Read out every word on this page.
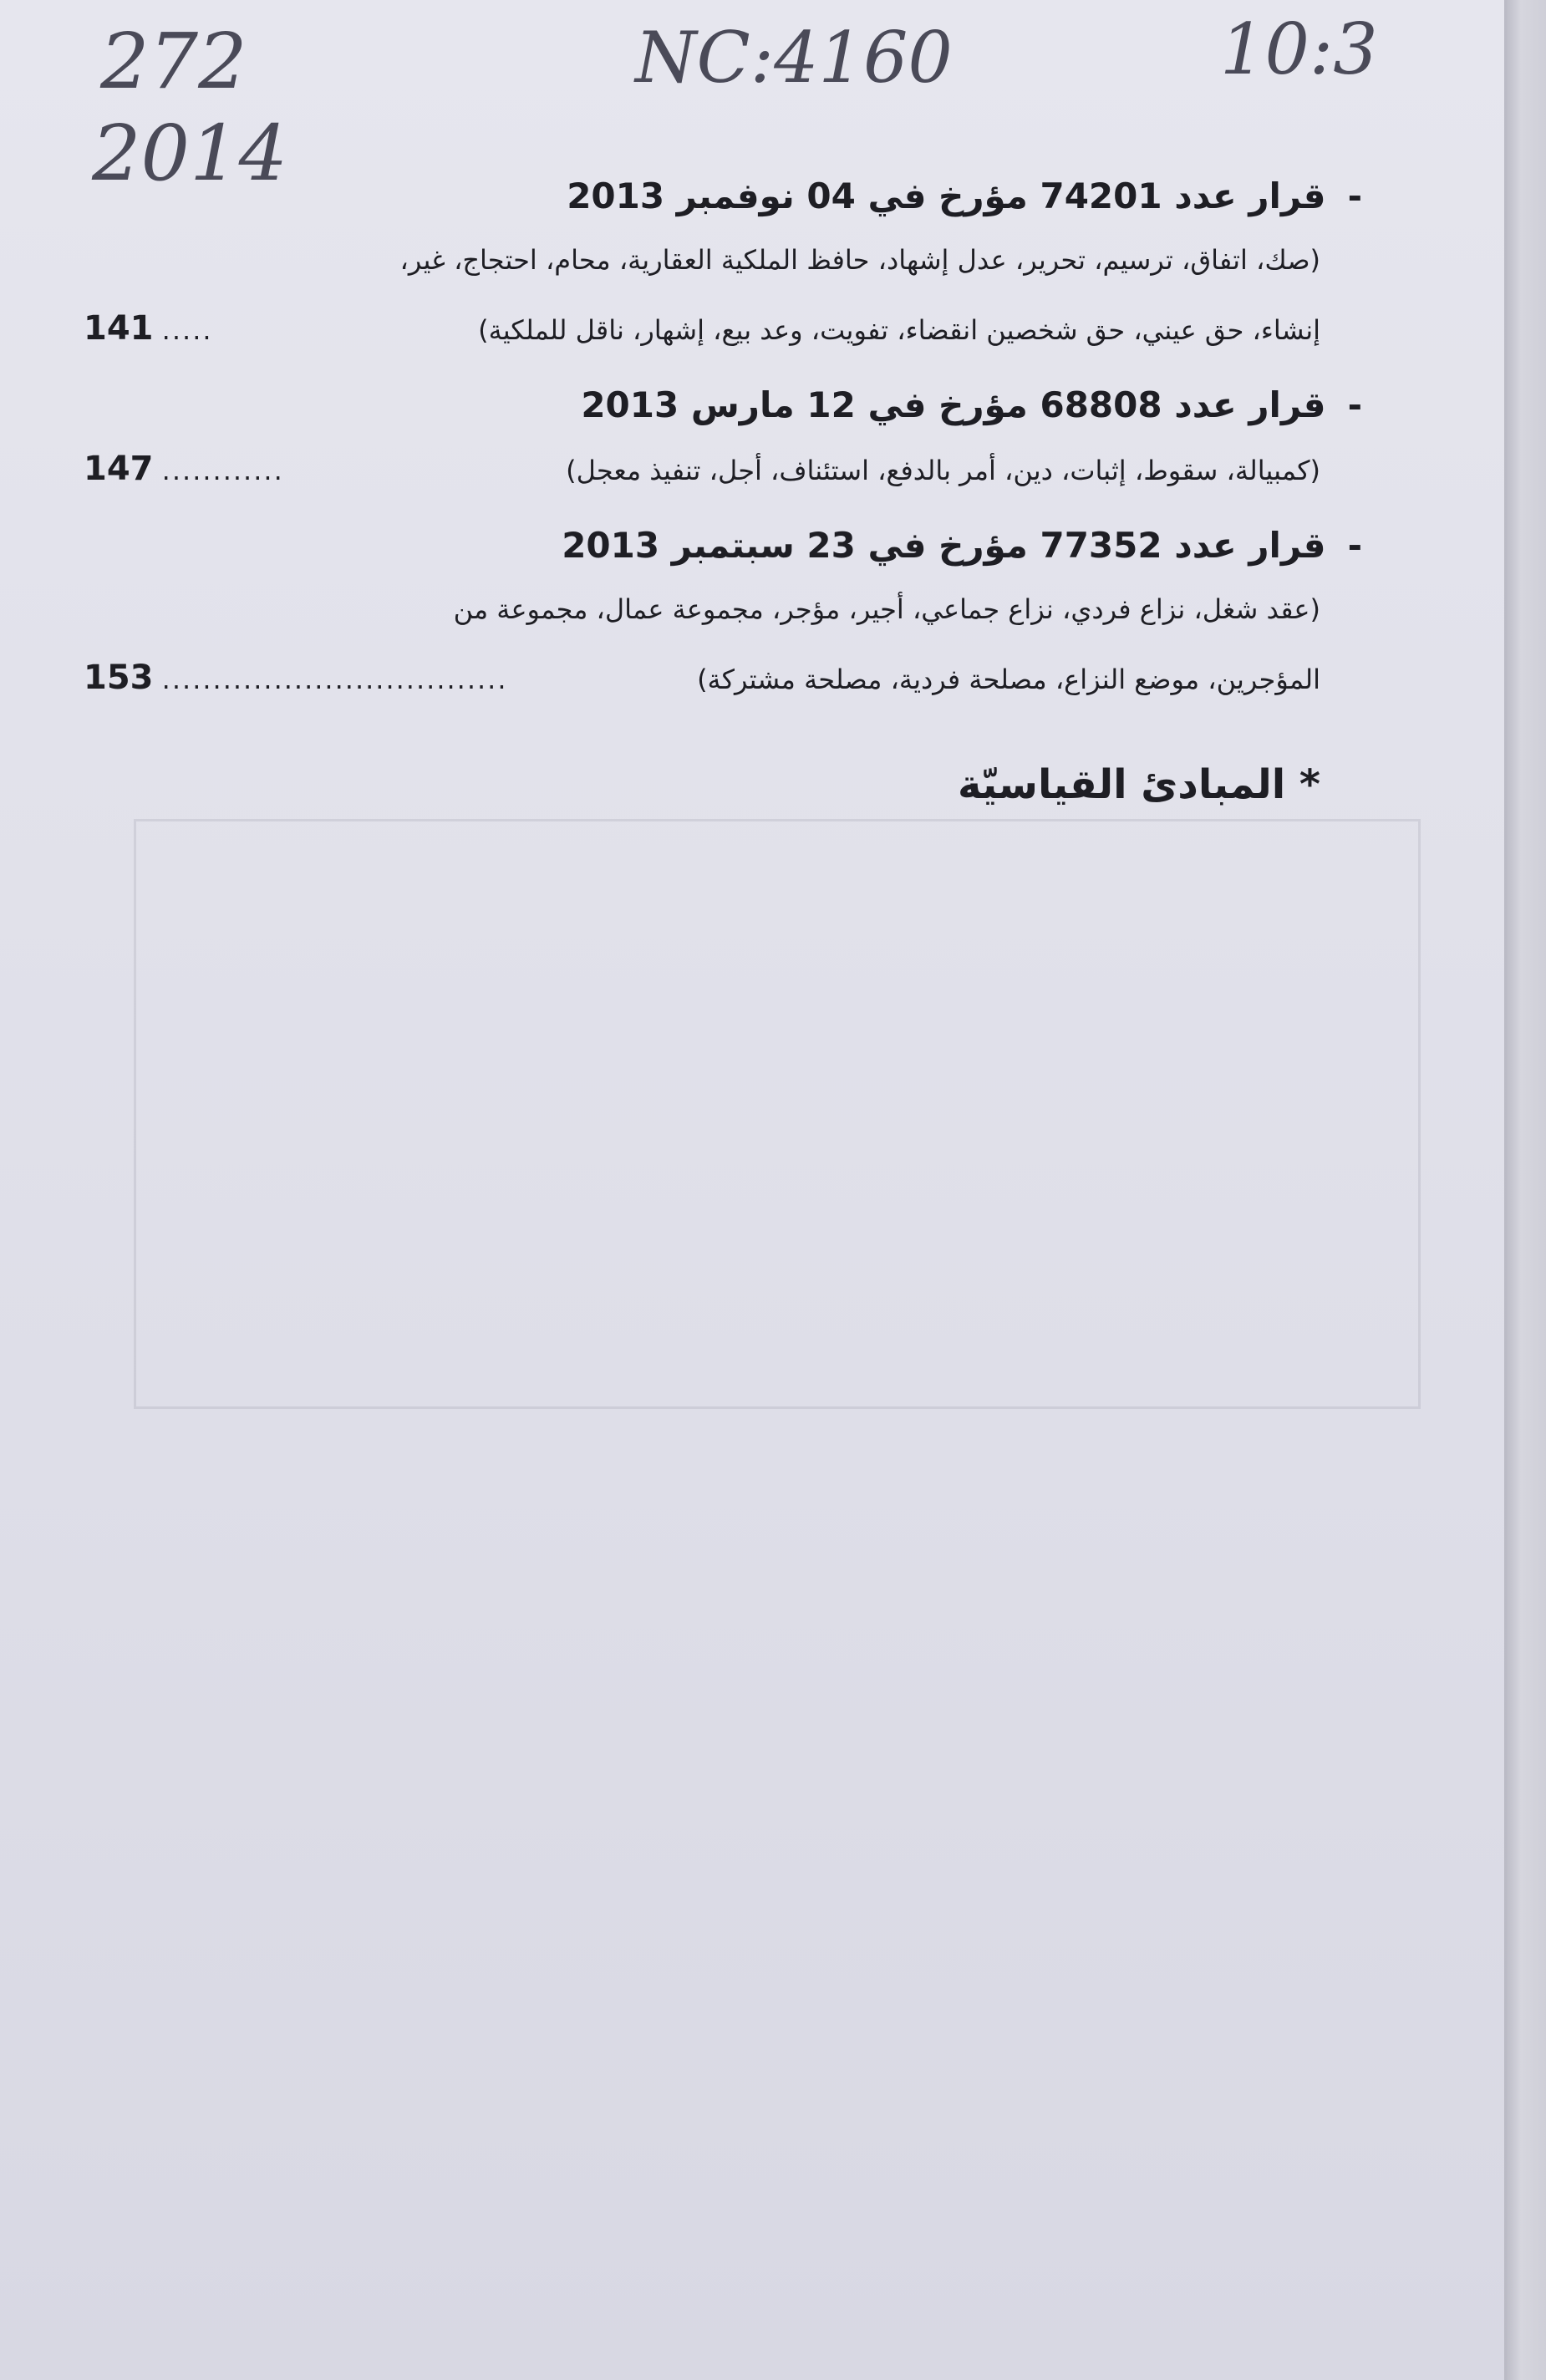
272
2014
NC:4160	10:3
-قرار عدد 74201 مؤرخ في 04 نوفمبر 2013
(صك، اتفاق، ترسيم، تحرير، عدل إشهاد، حافظ الملكية العقارية، محام، احتجاج، غير،
إنشاء، حق عيني، حق شخصين انقضاء، تفويت، وعد بيع، إشهار، ناقل للملكية)
..... 141
-قرار عدد 68808 مؤرخ في 12 مارس 2013
(كمبيالة، سقوط، إثبات، دين، أمر بالدفع، استئناف، أجل، تنفيذ معجل)
............ 147
-قرار عدد 77352 مؤرخ في 23 سبتمبر 2013
(عقد شغل، نزاع فردي، نزاع جماعي، أجير، مؤجر، مجموعة عمال، مجموعة من
المؤجرين، موضع النزاع، مصلحة فردية، مصلحة مشتركة)
.................................. 153
* المبادئ القياسيّة
